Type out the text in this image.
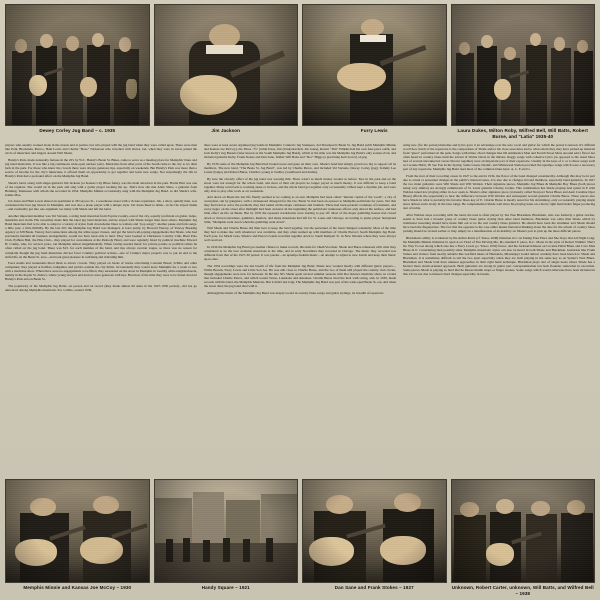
Dewey Corley Jug Band – c. 1935	Jim Jackson	Furry Lewis	Laura Dukes, Milton Roby, Wilfred Bell, Will Batts, Robert Burse, and "Latia" 1935-40

players who usually worked alone in the streets and at parties, but who played with the jug band when they were called upon. There were men like Polk, Blackman, Plexco, Ham Lewis and Charlie "Bozo" Nickerson who travelled with shows, but, when they were in town, joined the circle of musicians and singers around Will Shade.

Handy's Park, made nationally famous in the 20's by W.C. Handy's Beale St. Blues, came to serve as a meeting place for Memphis' blues and jug band musicians. It was like a big continuous wide-open outdoor party. Musicians from other parts of the South came to the city to try their luck in the park. For those who knew the crowds there were always generous tips, especially on weekends. But Handy's Park was more than a source of income for the city's musicians, it offered them an opportunity to get together and learn new songs. Not surprisingly the life in Handy's Park had a profound effect on the Memphis Jug Band.

Shade's band, along with singer-guitarist Jim Jackson (or Kansas City Blues fame), was the main attraction in the park. Hattie Hart was one of the regulars. She would sit in the park and sing with a guitar player backing her up. That's how she met Allen Shaw, a guitarist from Henning, Tennessee with whom she recorded in 1934. Memphis Minnie occasionally sang with the Memphis Jug Band, as did Shade's wife, Jennie Mae.

Jab Jones and Ham Lewis shared an apartment at 28 Gayoso St., a warehouse street with a vicious reputation. Jab, a short, spindly man, was considered the best jug blower in Memphis, and was also a piano player with a unique style. Jab Jones liked to drink—in fact he stayed drunk—and eventually got into one argument too many with Shade and left the band.

Another important member was Vol Stevens, a string band musician from Fayette County, east of the city, equally proficient on guitar, banjo, mandolin and violin. His versatility made him the ideal jug band musician, and he stayed with Shade longer than most others. Memphis Jug Band musicians had to be able to adapt to a variety of styles from down-home blues to waltzes and "pop songs"; another pause and folk songs, a little jazz, a little hillbilly. By the late 20's the Memphis Jug Band was managed, at least partly, by Howard Yancey, of Yancey Booking Agency at 328 Beale. Yancey had connections among the white upper classes, and got the band well-paying engagements that Shade, who had previously handled all business arrangements, would not have been able to land. They were booked at Chickasaw Country Club, Hunt Polo Club, Pythian Hall, the Elks Club... they played for conventions at the Peabody Hotel, and were regularly hired by political machine Edward H. Crump, who, for several years, ran Memphis almost singlehandedly. When Crump needed music for private parties or political rallies he often called on the jug band. There was $15. for each member of the band, and tips always overran wages, so there was no reason for complaint though the jug band musicians did not favor Crump's political actions—one of Crump's major projects was to put an end to the sinful life on the Beale St. area—and took great pleasure in satirizing and ridiculing him.

Food stands and restaurants hired them to attract crowds. They played on backs of trucks advertising Colonial Bread, Schlitz and other companies; they played at hatfires, ballgames and picnics outside the city limits. Occasionally they would leave Memphis for a week or two with a medicine show. When there were no engagements to be filled, they serenaded on the street in Memphis in wealthy white neighborhoods, mainly in the Poplar St. district, where young lawyers and doctors were generous with tips. But most of the time they were to be found down in Handy's Park and on Beale St.

The popularity of the Memphis Jug Band—in person and on record (they made almost 60 sides in the 1927-1930 period)—did not go unnoticed among Memphis musicians. For a while, around 1930,

there were at least seven organised jug bands in Memphis: Cannon's Jug Stompers, Jed Davenport's Beale St. Jug Band (with Memphis Minnie and Kansas Joe McCoy), the Three "J's" (Jabin Estes, Jim (Tank) Rachell, Jab Jones), Robert "Tim" Wilkins had his own four-piece outfit, and Jack Kelly's Jug Busters (later known as the South Memphis Jug Band), which at the time was the Memphis Jug Band's only serious rival, and included guitarist Kelly, Frank Stokes and Dan Sane, fiddler Will Batts and "Doc" Higgs (a practising herb doctor) on jug.

By 1930 some of the Memphis Jug Band had broken loose and gone on their own. Shade's band had simply grown too big to support all its members. The new band, "The Beale St. Jug Band", was led by Charlie Pierce, and included Vol Stevens, Dewey Corley (jug), Tommy Lee Luster (banjo) and Robert Burse, Charlie's young er brother, (washboard and drums).

By now the cleverly effect of the jug band was wearing thin. There wasn't as much money around as before. Tips in the park and on the street were not enough for the whole band, and most of their em ployers no longer payed as much money. It was difficult to keep a band together. Many went back to working alone or in duos, and the whole band got together only occasionally. Others kept a daytime job, and were only able to play after work or on weekends.

And down on Beale the last life finally seemed to be coming to an end. Memphis had been called "murder capital of the world", a city of corruption, run by gangsters, with a widespread disregard for the law. Beale St. had been an eyesore to Memphis politicians for years. Not that they had tried to solve the problem; they had raided all the major cathouses and brothels. There had been periodic roundups of transients, and every negro on the street after midnight had been arrested. In the beginning the politicians' numerous efforts only stirred the surface, and had little effect on life on Beale. But by 1935 the repeated crackdowns were starting to pay off. Most of the major gambling houses had closed down or moved elsewhere, gamblers, hustlers, and many musicians had left for St. Louis and Chicago. According to piano player Sunnyland Slim, "Memphis went down when the gambling went down".

Will Shade and Charlie Burse did their best to keep the band together, but the personnel of the band changed constantly. Most of the time they had to make due with whomever was available, and they often teamed up with members of Charlie Pierce's South Memphis Jug Band. Each year, for Mardi Gras, Shade's and Pierce's bands travelled together down to South Rampart St. in New Orleans where they were always well received.

In 1934 the Memphis Jug Band got another chance to make records, this time for Okeh/Vocalion. Shade and Burse rehearsed with what they considered to be the best available musicians at the time, and in early November they recorded in Chicago. The music they recorded was different from that of the 1927-30 period. It was jazzier—an uptempo hokum music—an attempt to adjust to new trends and keep their music up-to-date.

The 1934 recordings were the last breath of life from the Memphis Jug Band. Shade now worked mostly with different guitar players— Willie Borum, Furry Lewis and Little Son Joe. He was still close to Charlie Burse, and the two of them still played the country club circuit, though engagements were now far between. In the late 30's Shade spent several summer seasons with Doc Reese's medicine show, in a band that included Charlie Pierce, and which toured Texas, Louisiana and Arkansas. Charlie Burse tried his luck with swing, and, in 1939, made records with his band, the Memphis Mudcats. But it didn't last long. The Memphis Jug Band was part of the wide-open Beale St. era, and when the street died, the jug band died with it.

Although the music of the Memphis Jug Band was deeply rooted in country blues songs and guitar stylings, its breadth of repertoire

using new (for the period) melodies and lyrics gave it an advantage over the solo vocal and guitar for which the period is known. It's difficult to tell how much of the repertoire is the composition of Shade and/or his close associates and to what extent they may have picked up material from "guest" performers in the park. Songs with minor chord changes like Oh Ambulance Man and Fourth Street Mess Around add a flavor not often heard in country blues until the advent of Walter Davis in the thirties. Raggy songs with cohesive lyrics (as opposed to the usual blues lure of several unconnected verses thrown together) were an important part of their repertoire. Usually in the keys of C or G these songs such as Cocaine Habit, I'll See You In the Spring, Sadie Green, Dealin', and Whitewash Station provided the uptempo songs which were a necessary part of any repertoire. Memphis Jug Band used most of the common blues keys: A, C, E and G.

From the start of their recording career in 1927 to the end in 1934, the flavor of the band changed considerably. Although this may be in part due to actual or personnel changes in the public's musical tastes, it is also due to changes in band members, especially band guitarists. In 1927 the two main guitarists were Will Shade and Will Weldon. Their signature pieces, Memphis Jug Blues & Memphis Boy Blues (both pieces being very similar) are strongly reminiscent of St. Louis guitarist Charley Jordan. This combination has Shade playing lead guitar in E with Weldon tuned low playing either in A or open A. Shade's other signature piece (variously called Newport News Blues and Aunt Caroline Dyer Blues) affords the opportunity to hear the difference between Will Weldon and subsequent second guitarist Charlie Burse. These pieces also have Shade in what is probably his favorite blues key of E. Charlie Burse is mostly noted for his strumming, only occasionally playing single notes almost exclu sively in the bass range. He complemented Shade well since his playing leans on a heavy right hand index finger producing alot of treble.

After Weldon stops recording with the band, the lead is often played by Tee Wee Blackman. Blackman, who was formerly a guitar teacher, seems to have had a broader grasp of country blues guitar styling than other band members. Blackman was older than Shade which by traditional reasoning should have made him out to be the real country blues guitarist. He should have been the strummer and Shade should have been the fingerpicker. The fact that the opposite is the case either means historical thinking about the date for the advent of country blues picking should be revised earlier or may simply be a manifestation of an inability on Shade's part to pick up the more difficult pieces.

Blackman's ability is evidenced by his Arthur Pettis (cf. Yazoo 1038) imitation in C on Taking Your Place and She Stays Out All Night Long; his Memphis Minnie imitation in open A on Tired of You Driving Me, his standard E piece, K.C. Moan in the style of Robert Wilkins' That's No Way To Get Along which also has a Furry Lewis g.t. Yazoo 1050) flavor, and his Jackson/Johnson on Cocaine Habit Blues and Cave Man Blues in E. Considering then possibly other Memphis musicians' styles can also be heard in both Shade and Blackman. Guitarists like Frank Stokes and visitors from nearby suburbs like Garfield Akers of Hernando, Mississippi would almost certainly have been known to Shade and Blackman. It is sometimes difficult to tell the two apart especially when they are both playing in the same key as on Spider's Nest Blues. Blackman and Shade both have unusual approaches in their right hand technique. Blackman plays alot of single notes where Shade has a heavier more strum-oriented approach. Both guitarists are strong in guitar part conceptualization but both flounder somewhat in execution. Some pieces Shade is playing so hard that he misses thumb snaps or finger strokes. Some songs which would otherwise have been included in this LP are not due to missed chord changes especially in breaks.

Memphis Minnie and Kansas Joe McCoy – 1930	Handy Square – 1921	Dan Sane and Frank Stokes – 1927	Unknown, Robert Carter, unknown, Will Batts, and Wilfred Bell – 1938
